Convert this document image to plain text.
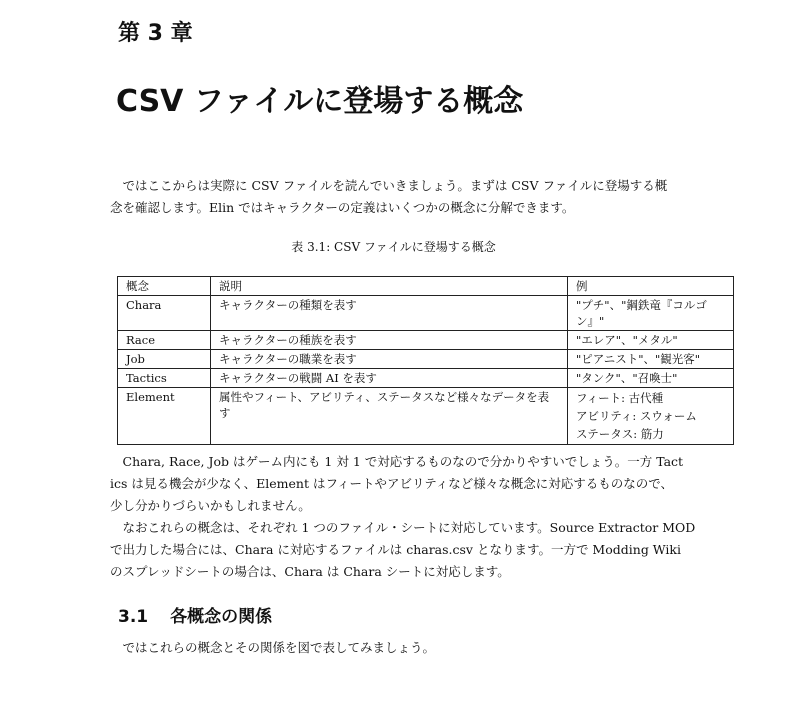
第 3 章
CSV ファイルに登場する概念
　ではここからは実際に CSV ファイルを読んでいきましょう。まずは CSV ファイルに登場する概
念を確認します。Elin ではキャラクターの定義はいくつかの概念に分解できます。
表 3.1: CSV ファイルに登場する概念
概念	説明	例
Chara	キャラクターの種類を表す	"プチ"、"鋼鉄竜『コルゴン』"
Race	キャラクターの種族を表す	"エレア"、"メタル"
Job	キャラクターの職業を表す	"ピアニスト"、"観光客"
Tactics	キャラクターの戦闘 AI を表す	"タンク"、"召喚士"
Element	属性やフィート、アビリティ、ステータスなど様々なデータを表す	フィート: 古代種
アビリティ: スウォーム
ステータス: 筋力
　Chara, Race, Job はゲーム内にも 1 対 1 で対応するものなので分かりやすいでしょう。一方 Tact
ics は見る機会が少なく、Element はフィートやアビリティなど様々な概念に対応するものなので、
少し分かりづらいかもしれません。
　なおこれらの概念は、それぞれ 1 つのファイル・シートに対応しています。Source Extractor MOD
で出力した場合には、Chara に対応するファイルは charas.csv となります。一方で Modding Wiki
のスプレッドシートの場合は、Chara は Chara シートに対応します。
3.1 各概念の関係
　ではこれらの概念とその関係を図で表してみましょう。
